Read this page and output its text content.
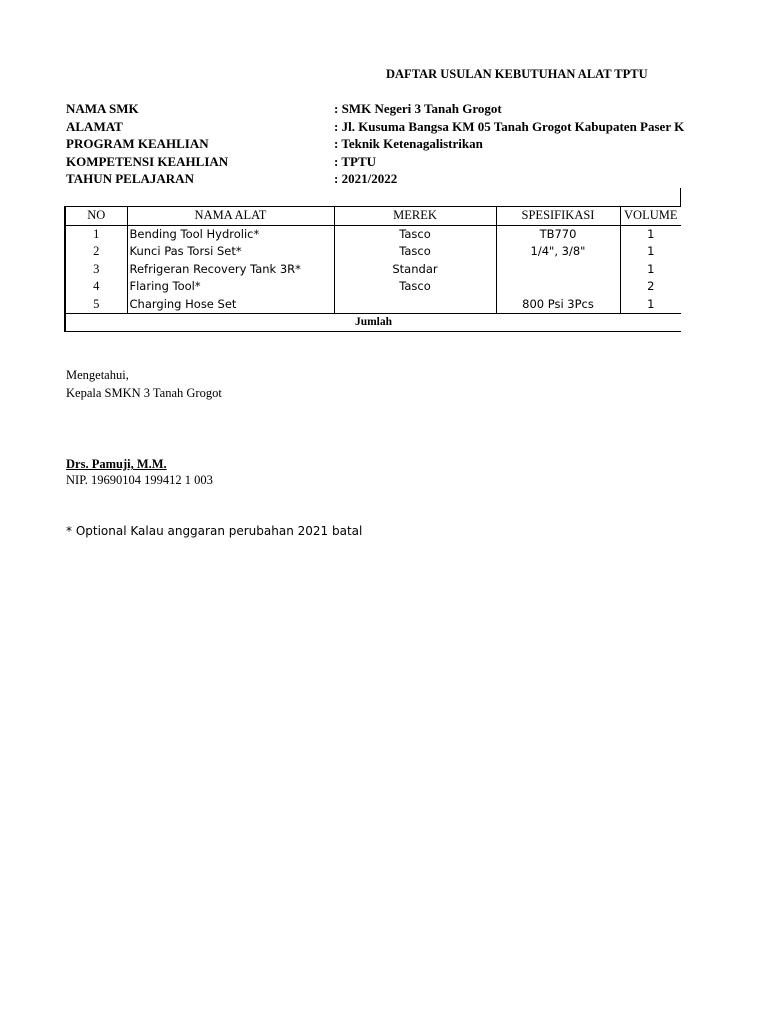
DAFTAR USULAN KEBUTUHAN ALAT TPTU
NAMA SMK	: SMK Negeri 3 Tanah Grogot
ALAMAT	: Jl. Kusuma Bangsa KM 05 Tanah Grogot Kabupaten Paser K
PROGRAM KEAHLIAN	: Teknik Ketenagalistrikan
KOMPETENSI KEAHLIAN	: TPTU
TAHUN PELAJARAN	: 2021/2022
NO	NAMA ALAT	MEREK	SPESIFIKASI	VOLUME
1	Bending Tool Hydrolic*	Tasco	TB770	1
2	Kunci Pas Torsi Set*	Tasco	1/4", 3/8"	1
3	Refrigeran Recovery Tank 3R*	Standar		1
4	Flaring Tool*	Tasco		2
5	Charging Hose Set		800 Psi 3Pcs	1
Jumlah				
Mengetahui,
Kepala SMKN 3 Tanah Grogot
Drs. Pamuji, M.M.
NIP. 19690104 199412 1 003
* Optional Kalau anggaran perubahan 2021 batal
